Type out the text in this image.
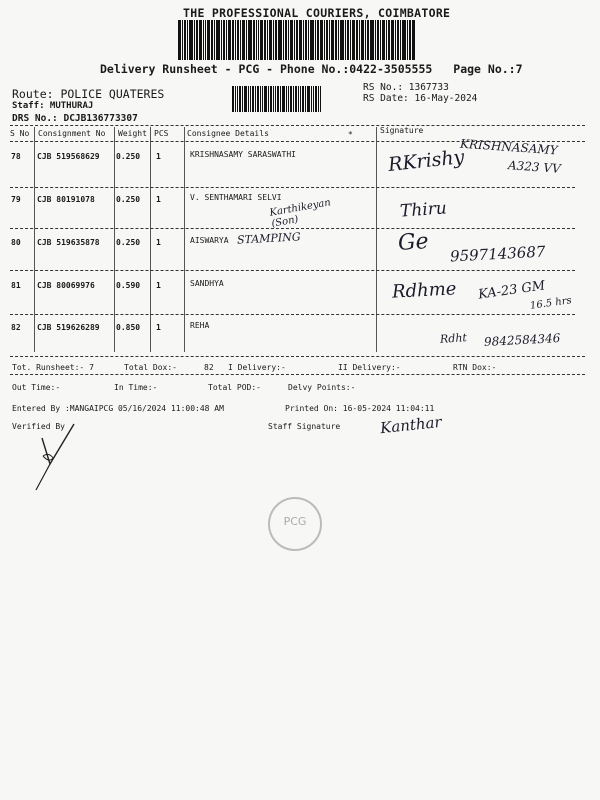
THE PROFESSIONAL COURIERS, COIMBATORE
Delivery Runsheet - PCG - Phone No.:0422-3505555 Page No.:7
Route: POLICE QUATERES
Staff: MUTHURAJ
DRS No.: DCJB136773307
RS No.: 1367733
RS Date: 16-May-2024
S No Consignment No Weight PCS Consignee Details	Signature
*
78 CJB 519568629 0.250 1	KRISHNASAMY SARASWATHI	RKrishy
KRISHNASAMY
A323 VV
79 CJB 80191078	0.250 1	V. SENTHAMARI SELVI
Karthikeyan (Son)
Thiru
80 CJB 519635878 0.250 1	AISWARYA STAMPING	Ge 9597143687
81 CJB 80069976	0.590 1	SANDHYA	Rdhme KA-23 GM
16.5 hrs
82 CJB 519626289 0.850 1	REHA
Rdht 9842584346
Tot. Runsheet:- 7	Total Dox:-	82 I Delivery:-	II Delivery:-	RTN Dox:-
Out Time:-	In Time:-	Total POD:-	Delvy Points:-
Entered By :MANGAIPCG 05/16/2024 11:00:48 AM	Printed On: 16-05-2024 11:04:11
Verified By	Staff Signature	Kanthar
PCG
